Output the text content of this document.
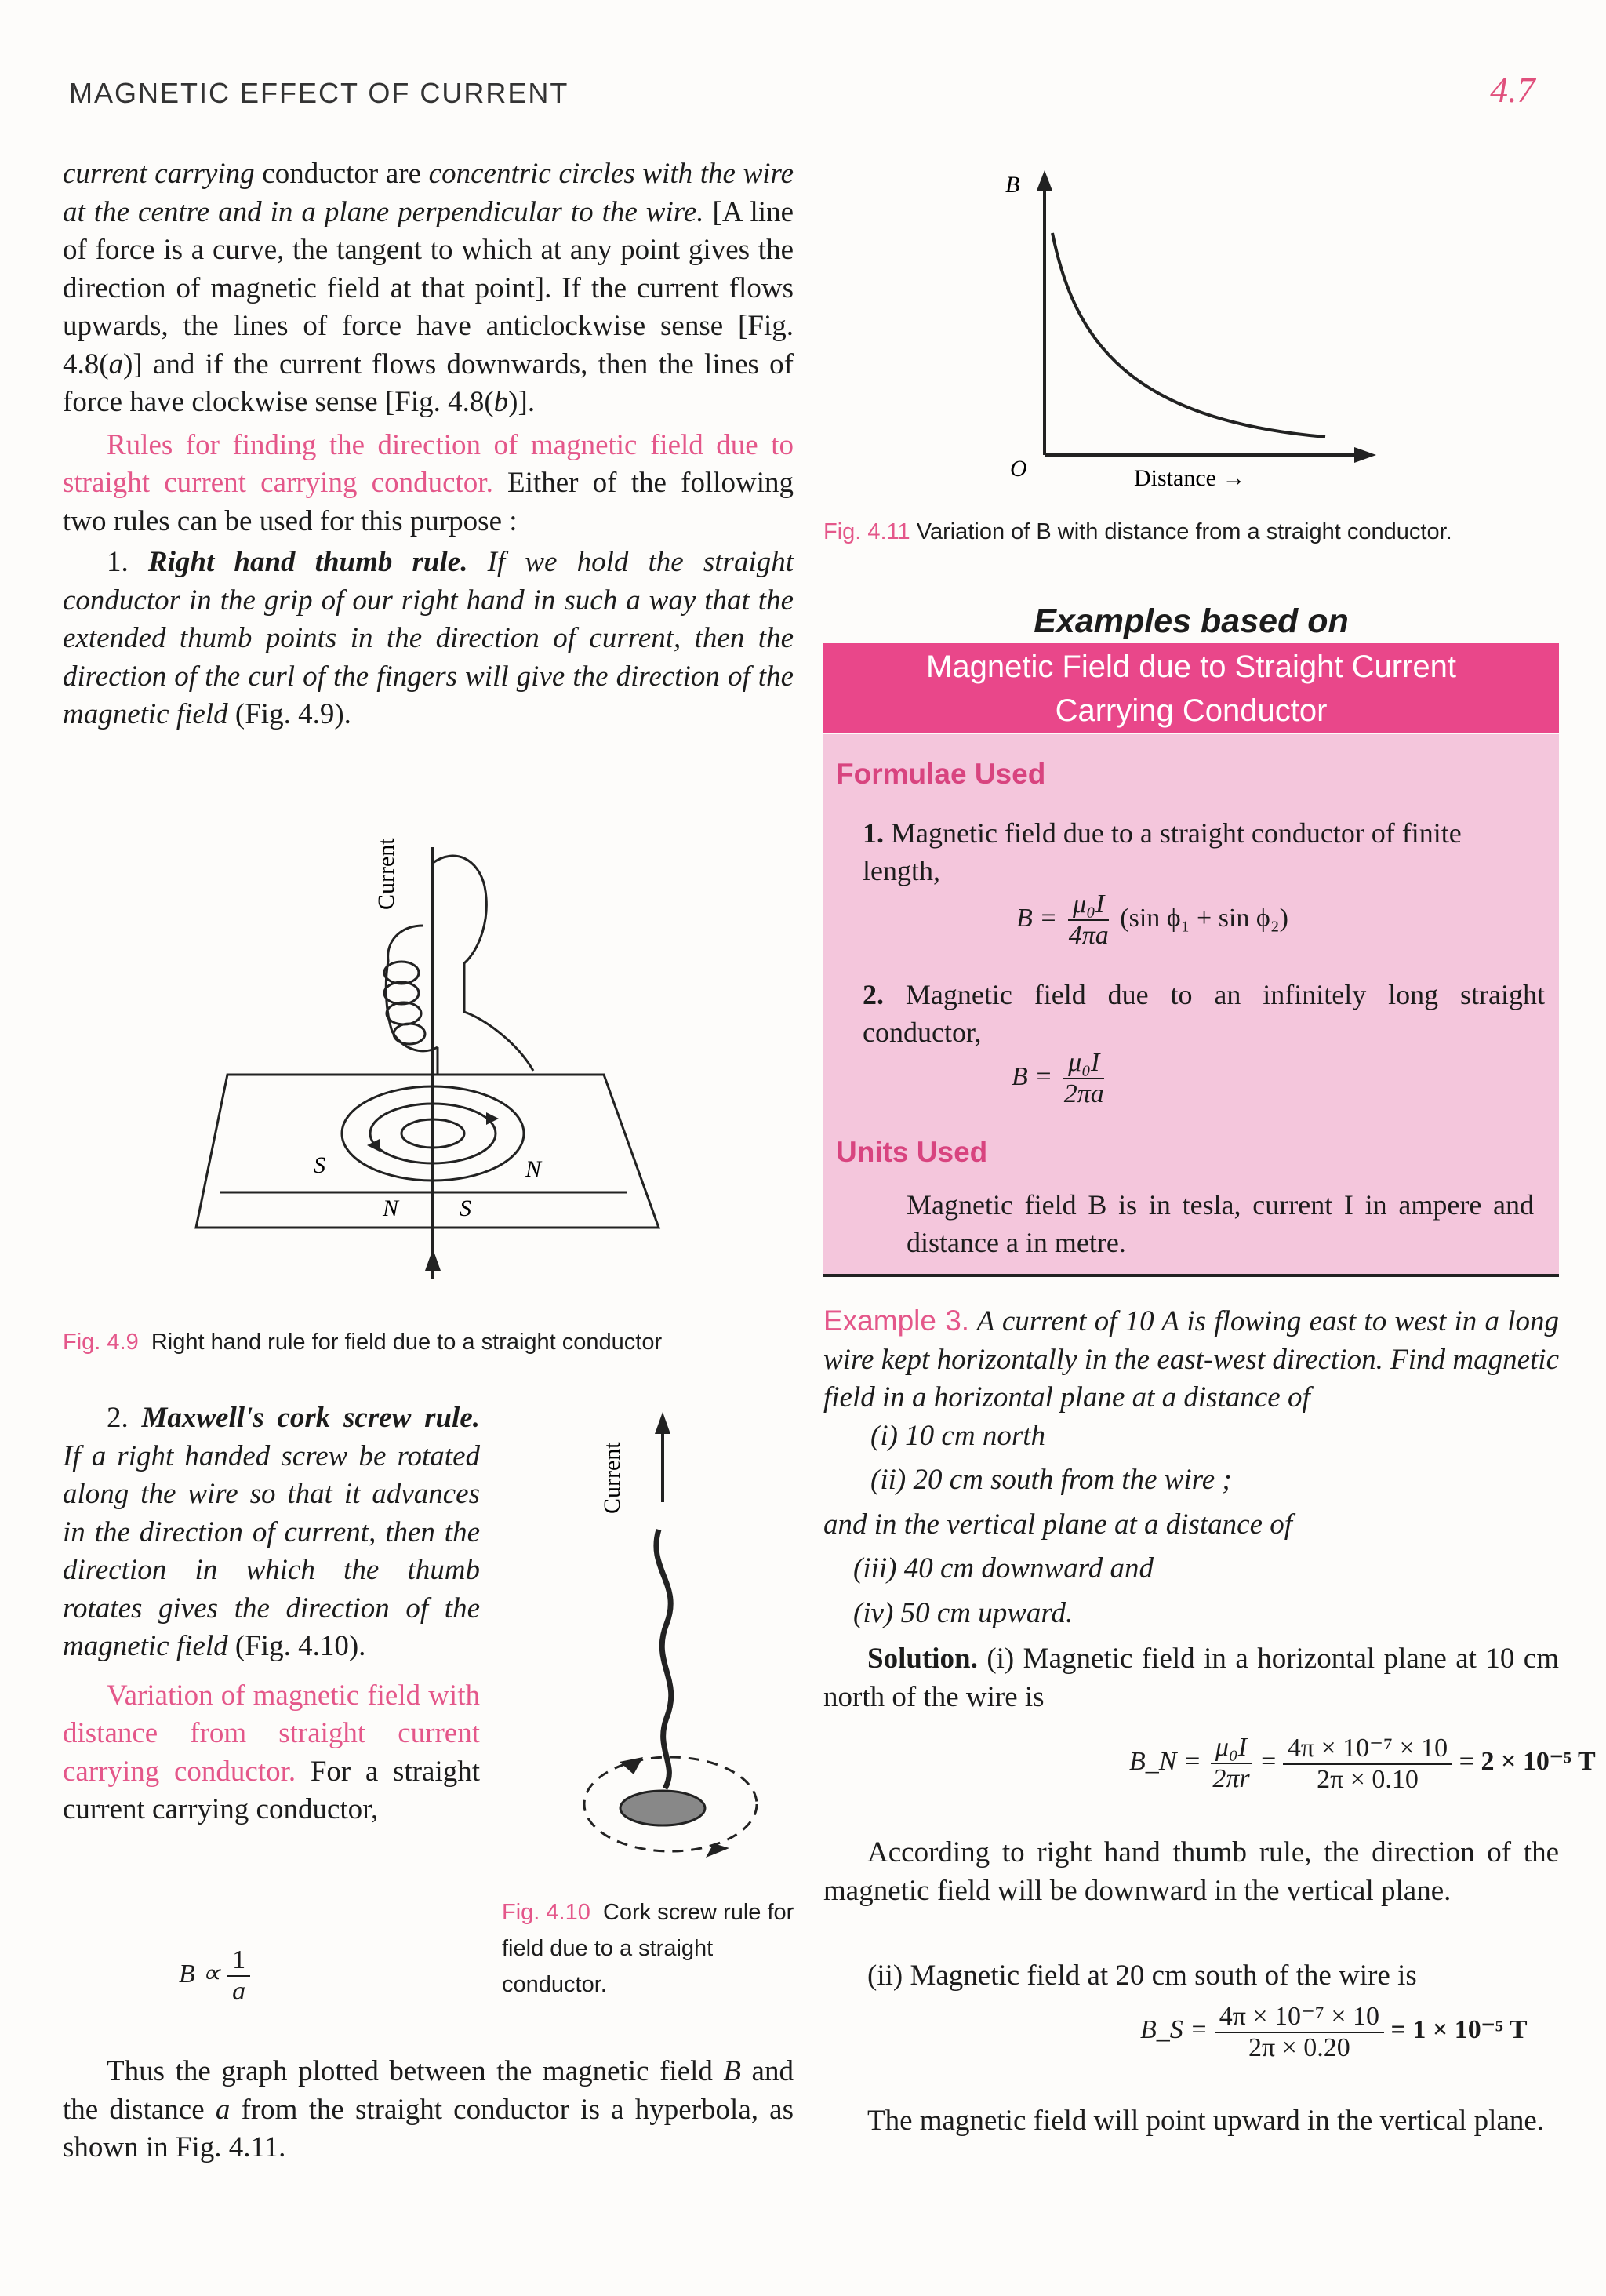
MAGNETIC EFFECT OF CURRENT	4.7

current carrying conductor are concentric circles with the wire at the centre and in a plane perpendicular to the wire. [A line of force is a curve, the tangent to which at any point gives the direction of magnetic field at that point]. If the current flows upwards, the lines of force have anticlockwise sense [Fig. 4.8(a)] and if the current flows downwards, then the lines of force have clockwise sense [Fig. 4.8(b)].

Rules for finding the direction of magnetic field due to straight current carrying conductor. Either of the following two rules can be used for this purpose :

1. Right hand thumb rule. If we hold the straight conductor in the grip of our right hand in such a way that the extended thumb points in the direction of current, then the direction of the curl of the fingers will give the direction of the magnetic field (Fig. 4.9).

Current
S	N
N	S
Fig. 4.9 Right hand rule for field due to a straight conductor

2. Maxwell's cork screw rule. If a right handed screw be rotated along the wire so that it advances in the direction of current, then the direction in which the thumb rotates gives the direction of the magnetic field (Fig. 4.10).

Variation of magnetic field with distance from straight current carrying conductor. For a straight current carrying conductor,

Current
Fig. 4.10 Cork screw rule for field due to a straight conductor.
$B \propto \frac{1}{a}$

Thus the graph plotted between the magnetic field B and the distance a from the straight conductor is a hyperbola, as shown in Fig. 4.11.

B
O	Distance →
Fig. 4.11 Variation of B with distance from a straight conductor.
Examples based on
Magnetic Field due to Straight Current
Carrying Conductor
Formulae Used
1. Magnetic field due to a straight conductor of finite length,
$B = \frac{\text{μ₀I}}{4\pi a} (\sin$ ϕ₁ + sin ϕ₂)
2. Magnetic field due to an infinitely long straight conductor,
$B = \frac{\text{μ₀I}}{2\pi a}$
Units Used
Magnetic field B is in tesla, current I in ampere and distance a in metre.

Example 3. A current of 10 A is flowing east to west in a long wire kept horizontally in the east-west direction. Find magnetic field in a horizontal plane at a distance of

(i) 10 cm north

(ii) 20 cm south from the wire ;

and in the vertical plane at a distance of

(iii) 40 cm downward and

(iv) 50 cm upward.

Solution. (i) Magnetic field in a horizontal plane at 10 cm north of the wire is

B_N = $\frac{\text{μ₀I}}{2\pi r} = \frac{\text{4π × 10⁻⁷ × 10}}{2\pi \times 0.10} = 2 \times 10^{-5}$ T

According to right hand thumb rule, the direction of the magnetic field will be downward in the vertical plane.

(ii) Magnetic field at 20 cm south of the wire is

B_S = $\frac{\text{4π × 10⁻⁷ × 10}}{2\pi \times 0.20} = 1 \times 10^{-5}$ T

The magnetic field will point upward in the vertical plane.
